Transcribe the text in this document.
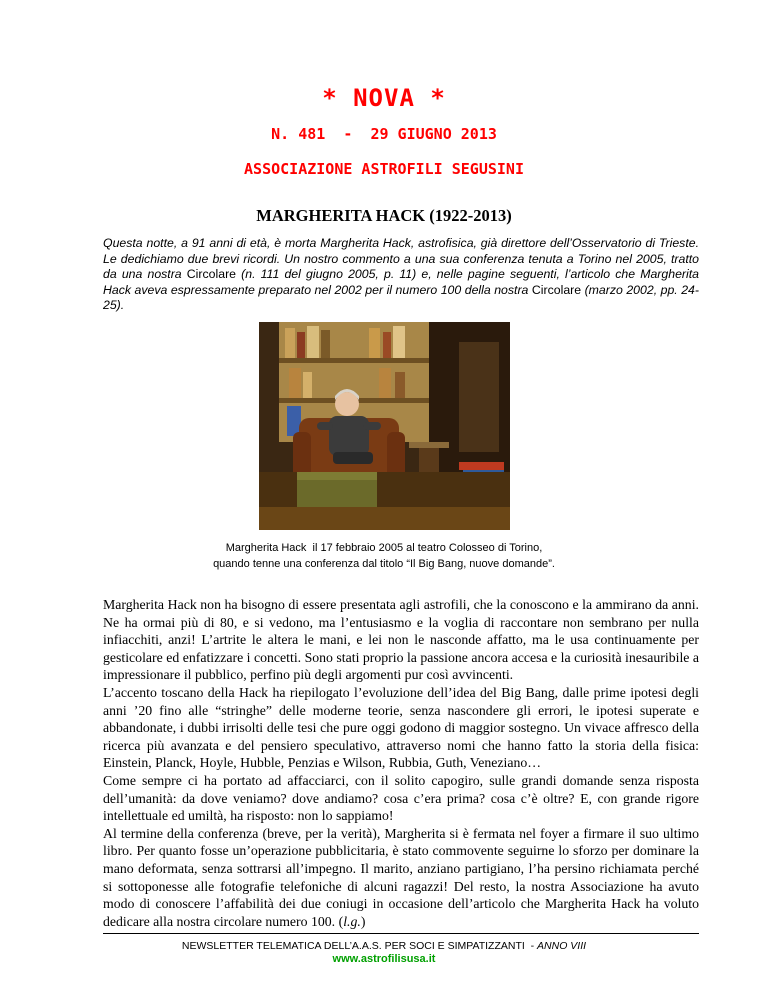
* NOVA *
N. 481  -  29 GIUGNO 2013
ASSOCIAZIONE ASTROFILI SEGUSINI
MARGHERITA HACK (1922-2013)

Questa notte, a 91 anni di età, è morta Margherita Hack, astrofisica, già direttore dell’Osservatorio di Trieste. Le dedichiamo due brevi ricordi. Un nostro commento a una sua conferenza tenuta a Torino nel 2005, tratto da una nostra Circolare (n. 111 del giugno 2005, p. 11) e, nelle pagine seguenti, l’articolo che Margherita Hack aveva espressamente preparato nel 2002 per il numero 100 della nostra Circolare (marzo 2002, pp. 24-25).

Margherita Hack  il 17 febbraio 2005 al teatro Colosseo di Torino,
quando tenne una conferenza dal titolo “Il Big Bang, nuove domande”.

Margherita Hack non ha bisogno di essere presentata agli astrofili, che la conoscono e la ammirano da anni. Ne ha ormai più di 80, e si vedono, ma l’entusiasmo e la voglia di raccontare non sembrano per nulla infiacchiti, anzi! L’artrite le altera le mani, e lei non le nasconde affatto, ma le usa continuamente per gesticolare ed enfatizzare i concetti. Sono stati proprio la passione ancora accesa e la curiosità inesauribile a impressionare il pubblico, perfino più degli argomenti pur così avvincenti.

L’accento toscano della Hack ha riepilogato l’evoluzione dell’idea del Big Bang, dalle prime ipotesi degli anni ’20 fino alle “stringhe” delle moderne teorie, senza nascondere gli errori, le ipotesi superate e abbandonate, i dubbi irrisolti delle tesi che pure oggi godono di maggior sostegno. Un vivace affresco della ricerca più avanzata e del pensiero speculativo, attraverso nomi che hanno fatto la storia della fisica: Einstein, Planck, Hoyle, Hubble, Penzias e Wilson, Rubbia, Guth, Veneziano…

Come sempre ci ha portato ad affacciarci, con il solito capogiro, sulle grandi domande senza risposta dell’umanità: da dove veniamo? dove andiamo? cosa c’era prima? cosa c’è oltre? E, con grande rigore intellettuale ed umiltà, ha risposto: non lo sappiamo!

Al termine della conferenza (breve, per la verità), Margherita si è fermata nel foyer a firmare il suo ultimo libro. Per quanto fosse un’operazione pubblicitaria, è stato commovente seguirne lo sforzo per dominare la mano deformata, senza sottrarsi all’impegno. Il marito, anziano partigiano, l’ha persino richiamata perché si sottoponesse alle fotografie telefoniche di alcuni ragazzi! Del resto, la nostra Associazione ha avuto modo di conoscere l’affabilità dei due coniugi in occasione dell’articolo che Margherita Hack ha voluto dedicare alla nostra circolare numero 100. (l.g.)

NEWSLETTER TELEMATICA DELL’A.A.S. PER SOCI E SIMPATIZZANTI  - ANNO VIII
www.astrofilisusa.it
